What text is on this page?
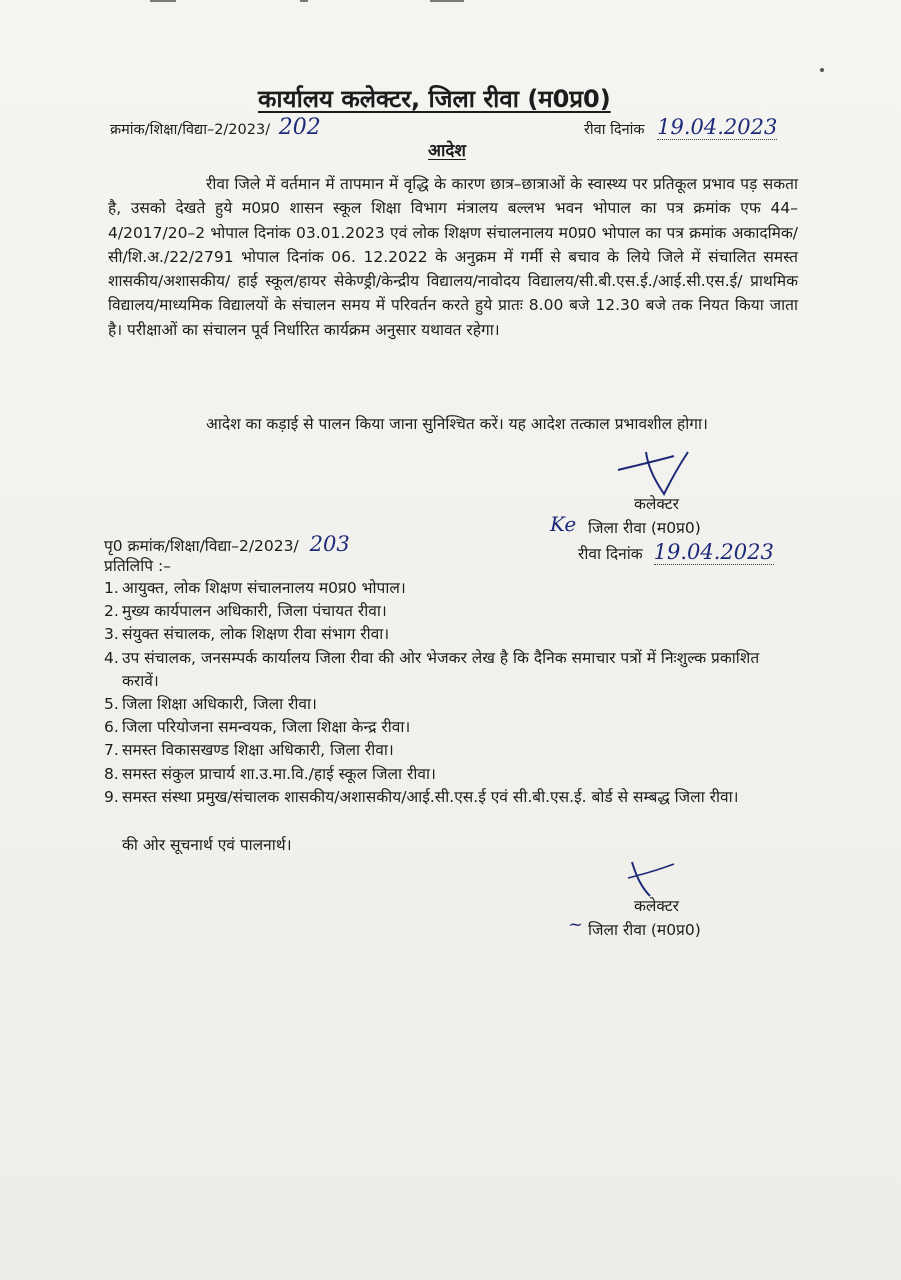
कार्यालय कलेक्टर, जिला रीवा (म0प्र0)
क्रमांक/शिक्षा/विद्या–2/2023/ 202	रीवा दिनांक 19.04.2023
आदेश
रीवा जिले में वर्तमान में तापमान में वृद्धि के कारण छात्र–छात्राओं के स्वास्थ्य पर प्रतिकूल प्रभाव पड़ सकता है, उसको देखते हुये म0प्र0 शासन स्कूल शिक्षा विभाग मंत्रालय बल्लभ भवन भोपाल का पत्र क्रमांक एफ 44–4/2017/20–2 भोपाल दिनांक 03.01.2023 एवं लोक शिक्षण संचालनालय म0प्र0 भोपाल का पत्र क्रमांक अकादमिक/सी/शि.अ./22/2791 भोपाल दिनांक 06. 12.2022 के अनुक्रम में गर्मी से बचाव के लिये जिले में संचालित समस्त शासकीय/अशासकीय/ हाई स्कूल/हायर सेकेण्ड्री/केन्द्रीय विद्यालय/नावोदय विद्यालय/सी.बी.एस.ई./आई.सी.एस.ई/ प्राथमिक विद्यालय/माध्यमिक विद्यालयों के संचालन समय में परिवर्तन करते हुये प्रातः 8.00 बजे 12.30 बजे तक नियत किया जाता है। परीक्षाओं का संचालन पूर्व निर्धारित कार्यक्रम अनुसार यथावत रहेगा।
आदेश का कड़ाई से पालन किया जाना सुनिश्चित करें। यह आदेश तत्काल प्रभावशील होगा।
कलेक्टर
Ke जिला रीवा (म0प्र0)
रीवा दिनांक 19.04.2023
पृ0 क्रमांक/शिक्षा/विद्या–2/2023/ 203
प्रतिलिपि :–
1. आयुक्त, लोक शिक्षण संचालनालय म0प्र0 भोपाल।
2. मुख्य कार्यपालन अधिकारी, जिला पंचायत रीवा।
3. संयुक्त संचालक, लोक शिक्षण रीवा संभाग रीवा।
4. उप संचालक, जनसम्पर्क कार्यालय जिला रीवा की ओर भेजकर लेख है कि दैनिक समाचार पत्रों में निःशुल्क प्रकाशित करावें।
5. जिला शिक्षा अधिकारी, जिला रीवा।
6. जिला परियोजना समन्वयक, जिला शिक्षा केन्द्र रीवा।
7. समस्त विकासखण्ड शिक्षा अधिकारी, जिला रीवा।
8. समस्त संकुल प्राचार्य शा.उ.मा.वि./हाई स्कूल जिला रीवा।
9. समस्त संस्था प्रमुख/संचालक शासकीय/अशासकीय/आई.सी.एस.ई एवं सी.बी.एस.ई. बोर्ड से सम्बद्ध जिला रीवा।
की ओर सूचनार्थ एवं पालनार्थ।
कलेक्टर
~ जिला रीवा (म0प्र0)
